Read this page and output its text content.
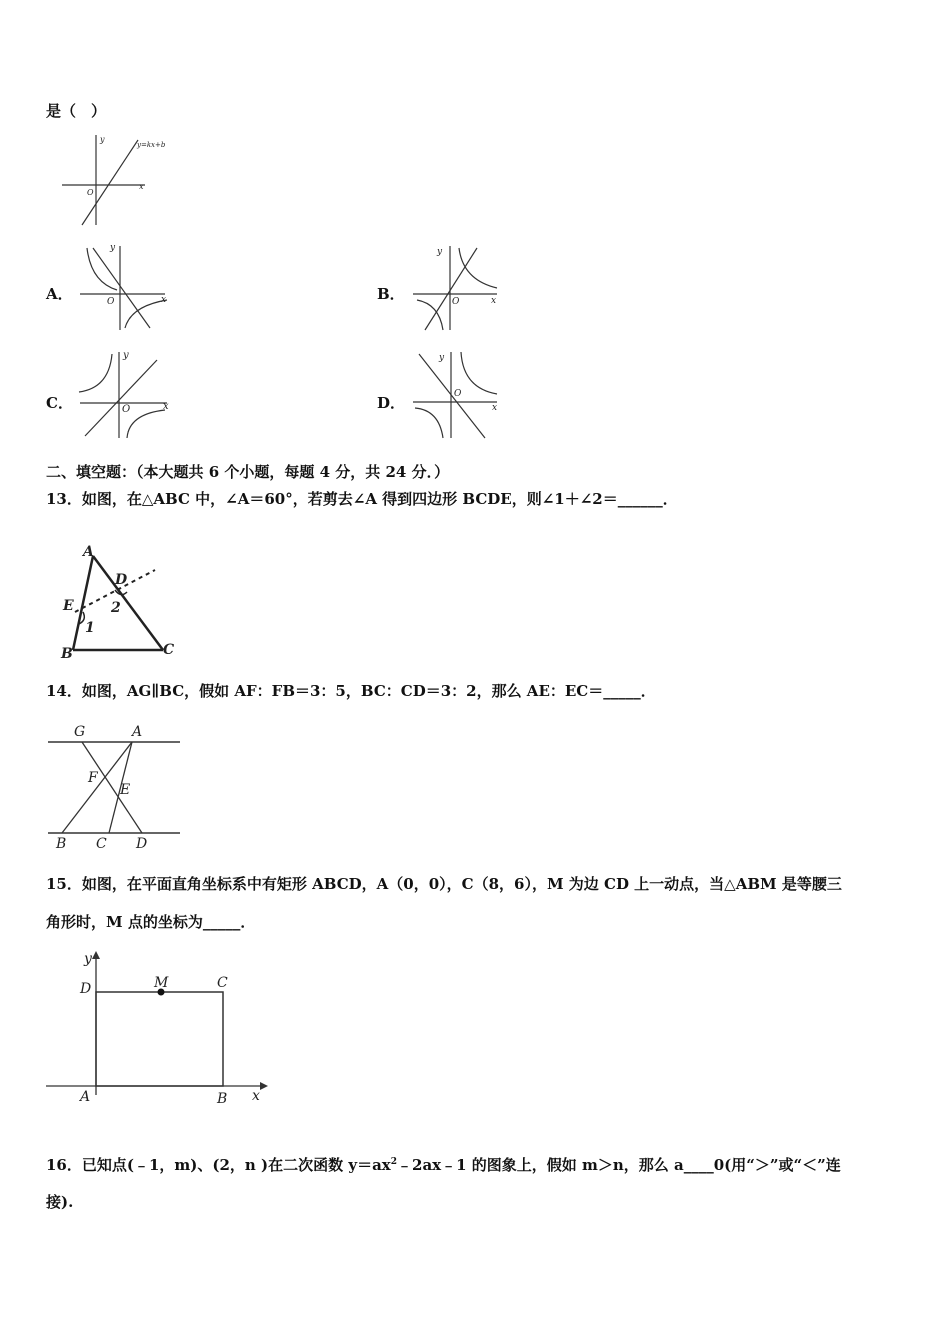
是（　）
y
x
O
y=kx+b
A．
y
x
O	B．
y
x
O
C．
y
x
O	D．
y
x
O
二、填空题：（本大题共 6 个小题，每题 4 分，共 24 分．）
13．如图，在△ABC 中，∠A＝60°，若剪去∠A 得到四边形 BCDE，则∠1＋∠2＝______．
A
B	C
D
E
1
2
14．如图，AG∥BC，假如 AF：FB＝3：5，BC：CD＝3：2，那么 AE：EC＝_____．
G	A
F
E
B C D
15．如图，在平面直角坐标系中有矩形 ABCD，A（0，0），C（8，6），M 为边 CD 上一动点，当△ABM 是等腰三
角形时，M 点的坐标为_____．
y
x
D	M	C
A	B
16．已知点(﹣1，m)、(2，n )在二次函数 $y=ax^2﹣2ax﹣1$ 的图象上，假如 m＞n，那么 a____0(用“＞”或“＜”连
接).
